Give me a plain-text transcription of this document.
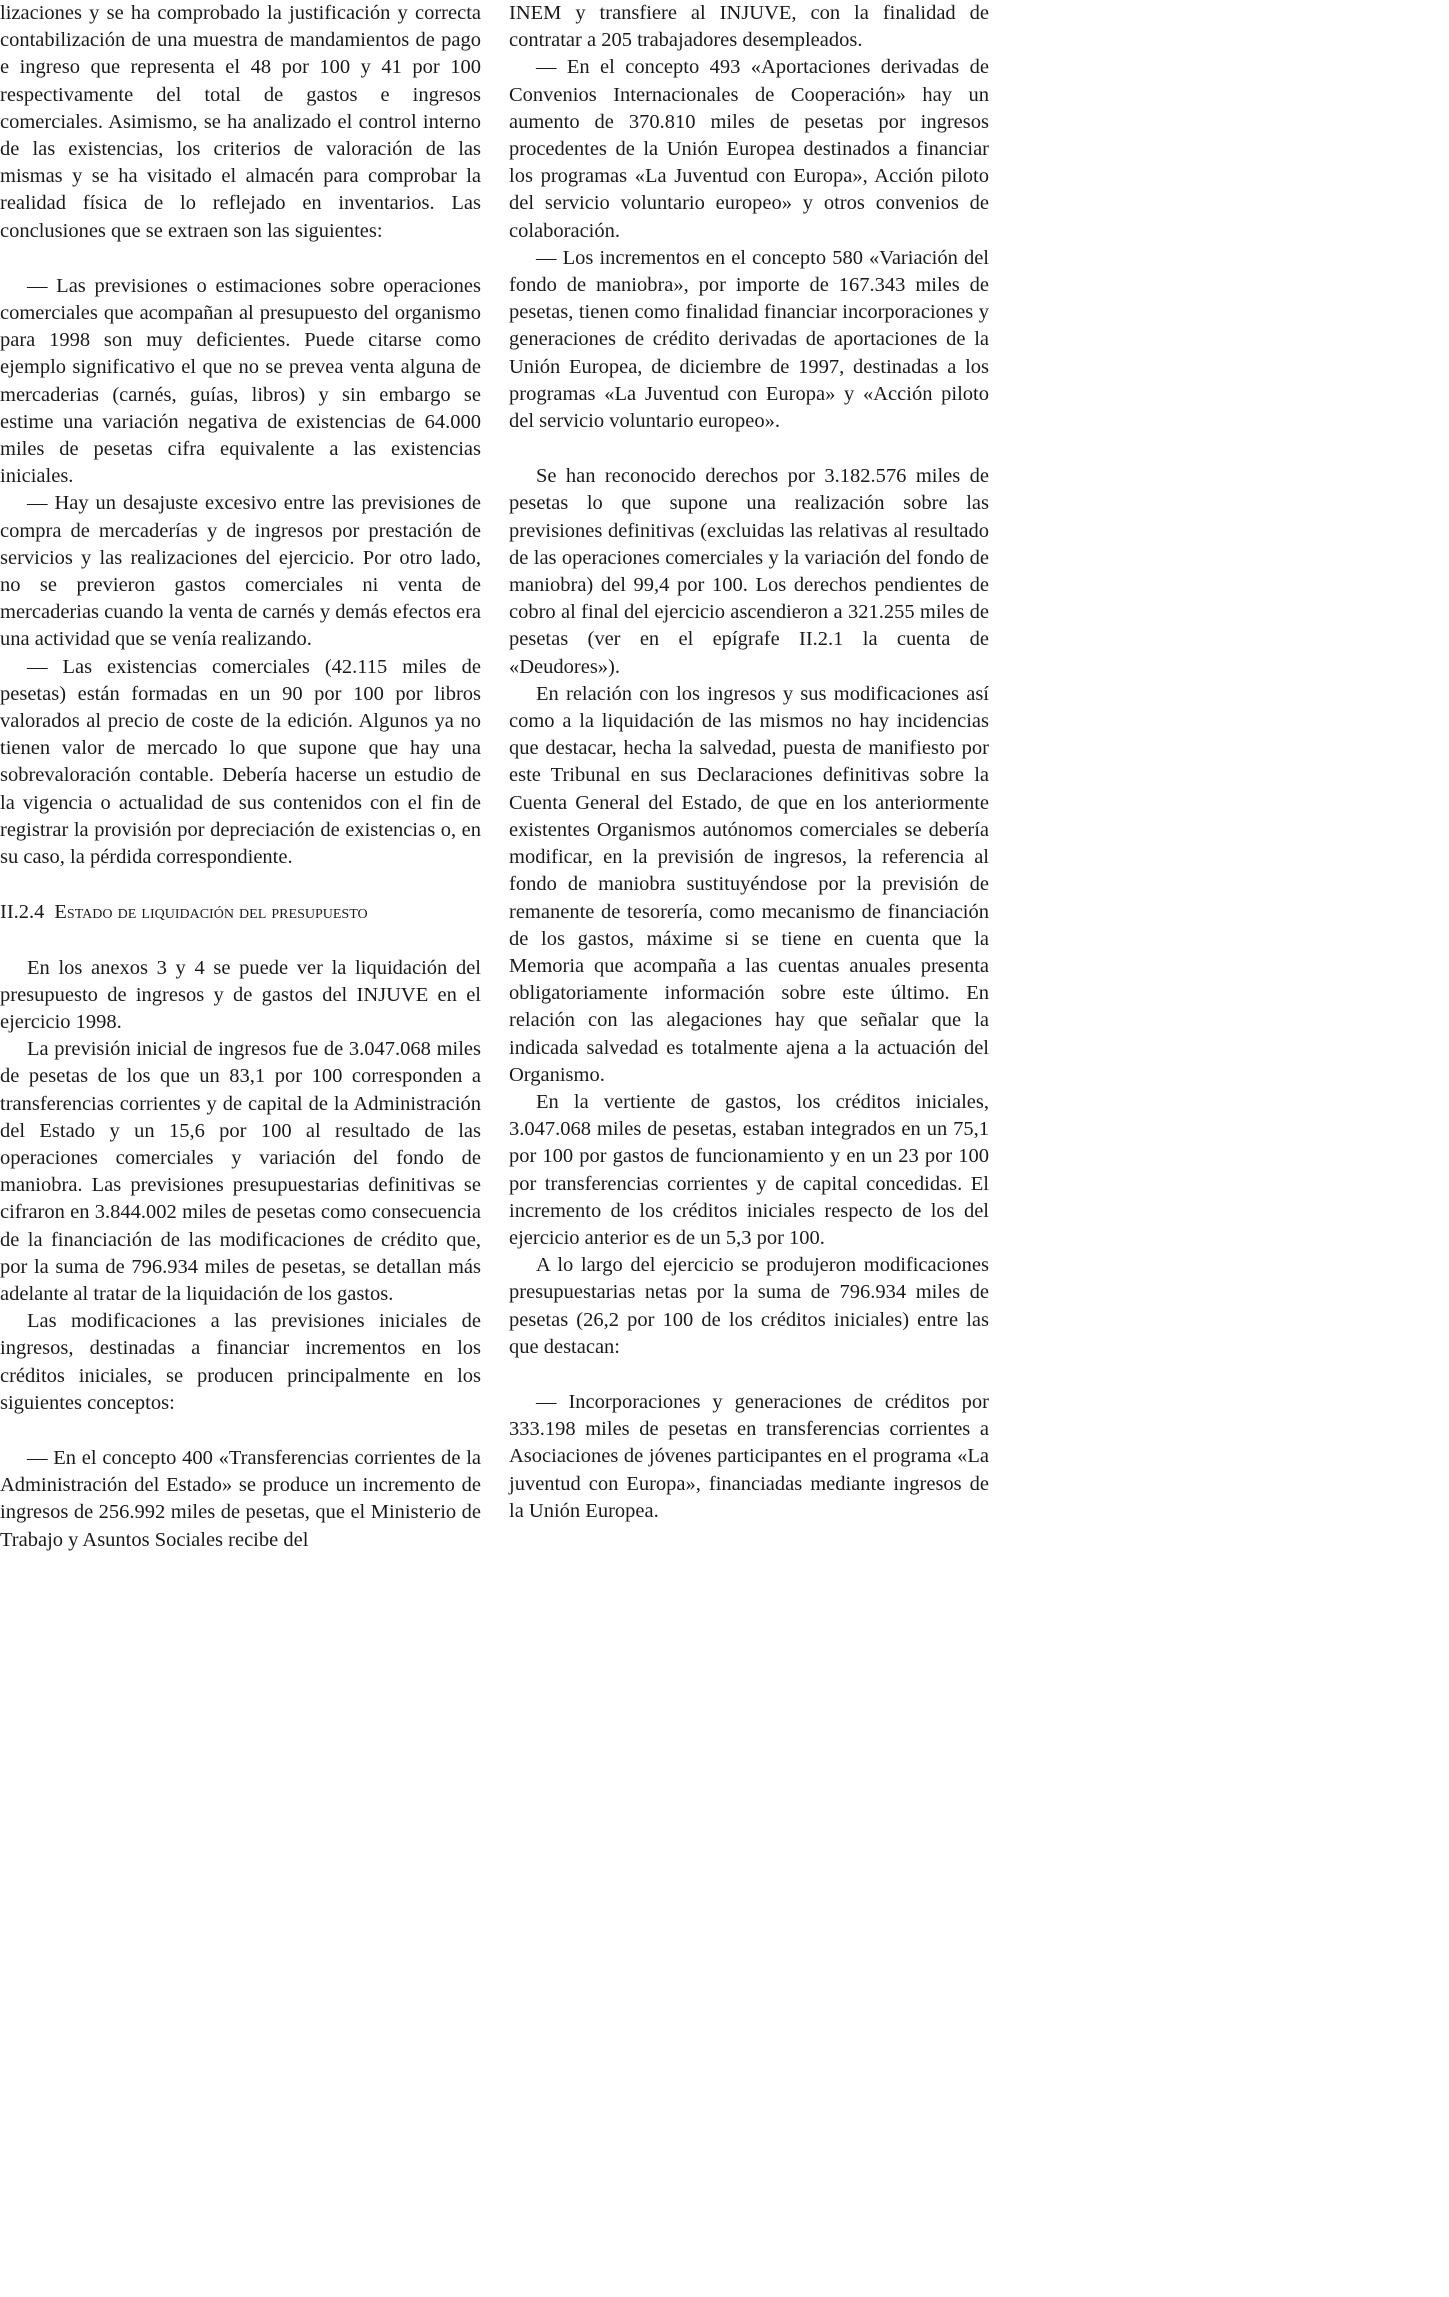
lizaciones y se ha comprobado la justificación y correcta contabilización de una muestra de mandamientos de pago e ingreso que representa el 48 por 100 y 41 por 100 respectivamente del total de gastos e ingresos comerciales. Asimismo, se ha analizado el control interno de las existencias, los criterios de valoración de las mismas y se ha visitado el almacén para comprobar la realidad física de lo reflejado en inventarios. Las conclusiones que se extraen son las siguientes:

— Las previsiones o estimaciones sobre operaciones comerciales que acompañan al presupuesto del organismo para 1998 son muy deficientes. Puede citarse como ejemplo significativo el que no se prevea venta alguna de mercaderias (carnés, guías, libros) y sin embargo se estime una variación negativa de existencias de 64.000 miles de pesetas cifra equivalente a las existencias iniciales.

— Hay un desajuste excesivo entre las previsiones de compra de mercaderías y de ingresos por prestación de servicios y las realizaciones del ejercicio. Por otro lado, no se previeron gastos comerciales ni venta de mercaderias cuando la venta de carnés y demás efectos era una actividad que se venía realizando.

— Las existencias comerciales (42.115 miles de pesetas) están formadas en un 90 por 100 por libros valorados al precio de coste de la edición. Algunos ya no tienen valor de mercado lo que supone que hay una sobrevaloración contable. Debería hacerse un estudio de la vigencia o actualidad de sus contenidos con el fin de registrar la provisión por depreciación de existencias o, en su caso, la pérdida correspondiente.

II.2.4 Estado de liquidación del presupuesto

En los anexos 3 y 4 se puede ver la liquidación del presupuesto de ingresos y de gastos del INJUVE en el ejercicio 1998.

La previsión inicial de ingresos fue de 3.047.068 miles de pesetas de los que un 83,1 por 100 corresponden a transferencias corrientes y de capital de la Administración del Estado y un 15,6 por 100 al resultado de las operaciones comerciales y variación del fondo de maniobra. Las previsiones presupuestarias definitivas se cifraron en 3.844.002 miles de pesetas como consecuencia de la financiación de las modificaciones de crédito que, por la suma de 796.934 miles de pesetas, se detallan más adelante al tratar de la liquidación de los gastos.

Las modificaciones a las previsiones iniciales de ingresos, destinadas a financiar incrementos en los créditos iniciales, se producen principalmente en los siguientes conceptos:

— En el concepto 400 «Transferencias corrientes de la Administración del Estado» se produce un incremento de ingresos de 256.992 miles de pesetas, que el Ministerio de Trabajo y Asuntos Sociales recibe del

INEM y transfiere al INJUVE, con la finalidad de contratar a 205 trabajadores desempleados.

— En el concepto 493 «Aportaciones derivadas de Convenios Internacionales de Cooperación» hay un aumento de 370.810 miles de pesetas por ingresos procedentes de la Unión Europea destinados a financiar los programas «La Juventud con Europa», Acción piloto del servicio voluntario europeo» y otros convenios de colaboración.

— Los incrementos en el concepto 580 «Variación del fondo de maniobra», por importe de 167.343 miles de pesetas, tienen como finalidad financiar incorporaciones y generaciones de crédito derivadas de aportaciones de la Unión Europea, de diciembre de 1997, destinadas a los programas «La Juventud con Europa» y «Acción piloto del servicio voluntario europeo».

Se han reconocido derechos por 3.182.576 miles de pesetas lo que supone una realización sobre las previsiones definitivas (excluidas las relativas al resultado de las operaciones comerciales y la variación del fondo de maniobra) del 99,4 por 100. Los derechos pendientes de cobro al final del ejercicio ascendieron a 321.255 miles de pesetas (ver en el epígrafe II.2.1 la cuenta de «Deudores»).

En relación con los ingresos y sus modificaciones así como a la liquidación de las mismos no hay incidencias que destacar, hecha la salvedad, puesta de manifiesto por este Tribunal en sus Declaraciones definitivas sobre la Cuenta General del Estado, de que en los anteriormente existentes Organismos autónomos comerciales se debería modificar, en la previsión de ingresos, la referencia al fondo de maniobra sustituyéndose por la previsión de remanente de tesorería, como mecanismo de financiación de los gastos, máxime si se tiene en cuenta que la Memoria que acompaña a las cuentas anuales presenta obligatoriamente información sobre este último. En relación con las alegaciones hay que señalar que la indicada salvedad es totalmente ajena a la actuación del Organismo.

En la vertiente de gastos, los créditos iniciales, 3.047.068 miles de pesetas, estaban integrados en un 75,1 por 100 por gastos de funcionamiento y en un 23 por 100 por transferencias corrientes y de capital concedidas. El incremento de los créditos iniciales respecto de los del ejercicio anterior es de un 5,3 por 100.

A lo largo del ejercicio se produjeron modificaciones presupuestarias netas por la suma de 796.934 miles de pesetas (26,2 por 100 de los créditos iniciales) entre las que destacan:

— Incorporaciones y generaciones de créditos por 333.198 miles de pesetas en transferencias corrientes a Asociaciones de jóvenes participantes en el programa «La juventud con Europa», financiadas mediante ingresos de la Unión Europea.
